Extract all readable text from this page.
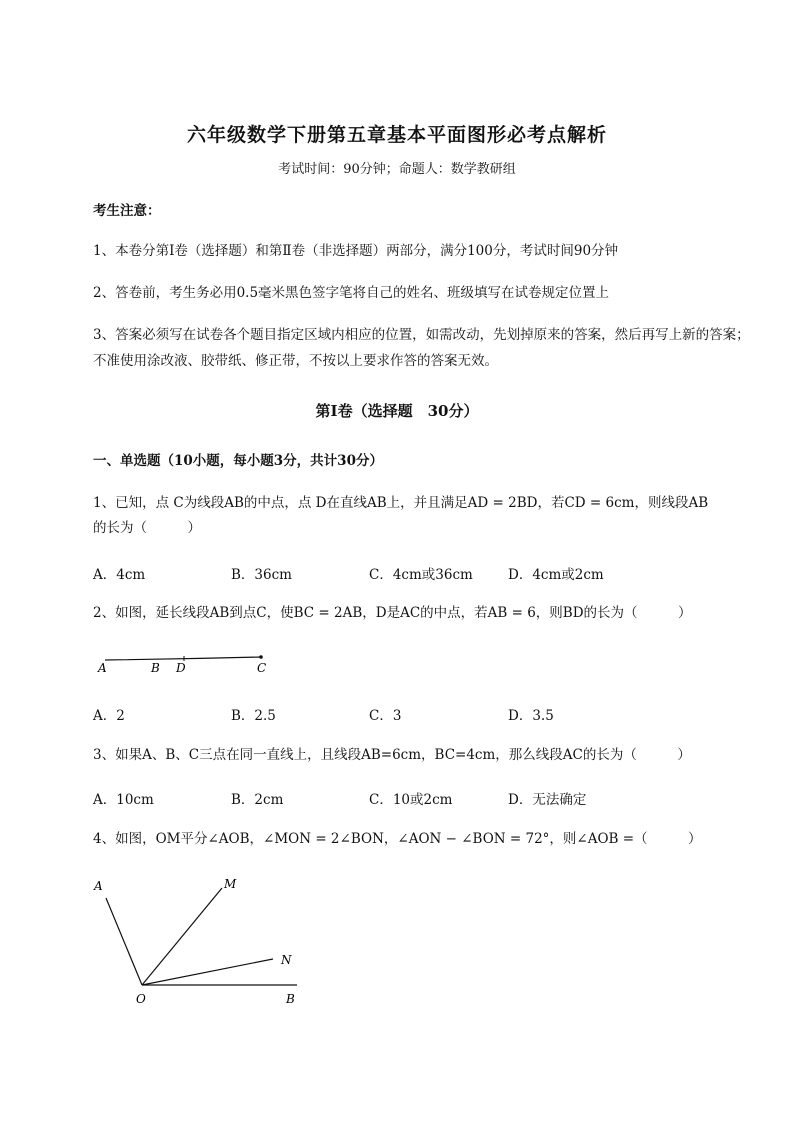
六年级数学下册第五章基本平面图形必考点解析
考试时间：90分钟；命题人：数学教研组
考生注意：
1、本卷分第Ⅰ卷（选择题）和第Ⅱ卷（非选择题）两部分，满分100分，考试时间90分钟
2、答卷前，考生务必用0.5毫米黑色签字笔将自己的姓名、班级填写在试卷规定位置上
3、答案必须写在试卷各个题目指定区域内相应的位置，如需改动，先划掉原来的答案，然后再写上新的答案；不准使用涂改液、胶带纸、修正带，不按以上要求作答的答案无效。
第Ⅰ卷（选择题　30分）
一、单选题（10小题，每小题3分，共计30分）
1、已知，点 C为线段AB的中点，点 D在直线AB上，并且满足AD = 2BD，若CD = 6cm，则线段AB
的长为（　　　）
A．4cm	B．36cm	C．4cm或36cm	D．4cm或2cm
2、如图，延长线段AB到点C，使BC = 2AB，D是AC的中点，若AB = 6，则BD的长为（　　　）
A	B D	C
A．2	B．2.5	C．3	D．3.5
3、如果A、B、C三点在同一直线上，且线段AB=6cm，BC=4cm，那么线段AC的长为（　　　）
A．10cm	B．2cm	C．10或2cm	D．无法确定
4、如图，OM平分∠AOB，∠MON = 2∠BON，∠AON − ∠BON = 72°，则∠AOB =（　　　）
A	M
N
O	B
